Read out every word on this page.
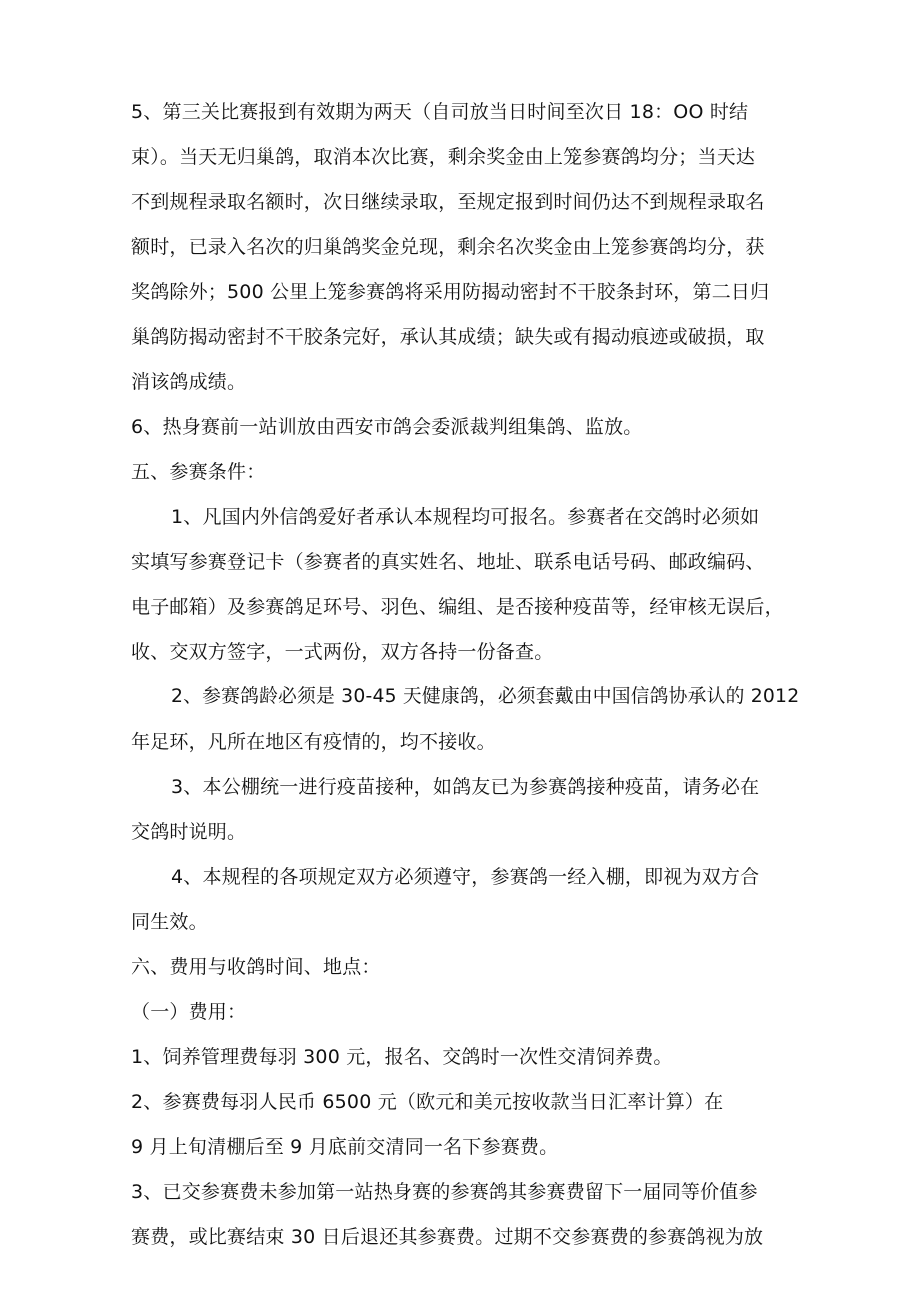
5、第三关比赛报到有效期为两天（自司放当日时间至次日 18：OO 时结
束）。当天无归巢鸽，取消本次比赛，剩余奖金由上笼参赛鸽均分；当天达
不到规程录取名额时，次日继续录取，至规定报到时间仍达不到规程录取名
额时，已录入名次的归巢鸽奖金兑现，剩余名次奖金由上笼参赛鸽均分，获
奖鸽除外；500 公里上笼参赛鸽将采用防揭动密封不干胶条封环，第二日归
巢鸽防揭动密封不干胶条完好，承认其成绩；缺失或有揭动痕迹或破损，取
消该鸽成绩。
6、热身赛前一站训放由西安市鸽会委派裁判组集鸽、监放。
五、参赛条件：
1、凡国内外信鸽爱好者承认本规程均可报名。参赛者在交鸽时必须如
实填写参赛登记卡（参赛者的真实姓名、地址、联系电话号码、邮政编码、
电子邮箱）及参赛鸽足环号、羽色、编组、是否接种疫苗等，经审核无误后，
收、交双方签字，一式两份，双方各持一份备查。
2、参赛鸽龄必须是 30-45 天健康鸽，必须套戴由中国信鸽协承认的 2012
年足环，凡所在地区有疫情的，均不接收。
3、本公棚统一进行疫苗接种，如鸽友已为参赛鸽接种疫苗，请务必在
交鸽时说明。
4、本规程的各项规定双方必须遵守，参赛鸽一经入棚，即视为双方合
同生效。
六、费用与收鸽时间、地点：
（一）费用：
1、饲养管理费每羽 300 元，报名、交鸽时一次性交清饲养费。
2、参赛费每羽人民币 6500 元（欧元和美元按收款当日汇率计算）在
9 月上旬清棚后至 9 月底前交清同一名下参赛费。
3、已交参赛费未参加第一站热身赛的参赛鸽其参赛费留下一届同等价值参
赛费，或比赛结束 30 日后退还其参赛费。过期不交参赛费的参赛鸽视为放
